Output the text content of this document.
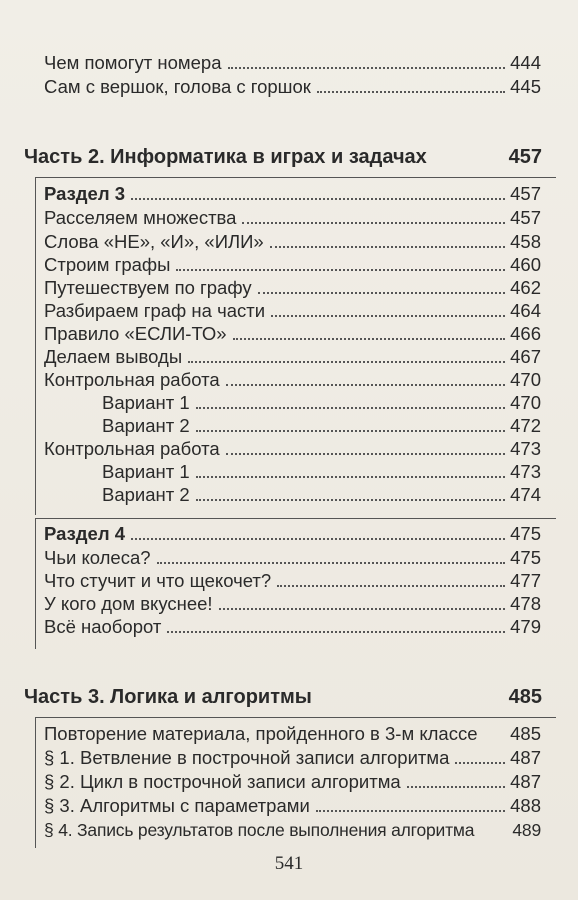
Чем помогут номера	444
Сам с вершок, голова с горшок	445
Часть 2. Информатика в играх и задачах	457
Раздел 3	457
Расселяем множества	457
Слова «НЕ», «И», «ИЛИ»	458
Строим графы	460
Путешествуем по графу	462
Разбираем граф на части	464
Правило «ЕСЛИ-ТО»	466
Делаем выводы	467
Контрольная работа	470
Вариант 1	470
Вариант 2	472
Контрольная работа	473
Вариант 1	473
Вариант 2	474
Раздел 4	475
Чьи колеса?	475
Что стучит и что щекочет?	477
У кого дом вкуснее!	478
Всё наоборот	479
Часть 3. Логика и алгоритмы	485
Повторение материала, пройденного в 3-м классе 485
§ 1. Ветвление в построчной записи алгоритма	487
§ 2. Цикл в построчной записи алгоритма	487
§ 3. Алгоритмы с параметрами	488
§ 4. Запись результатов после выполнения алгоритма 489
541
